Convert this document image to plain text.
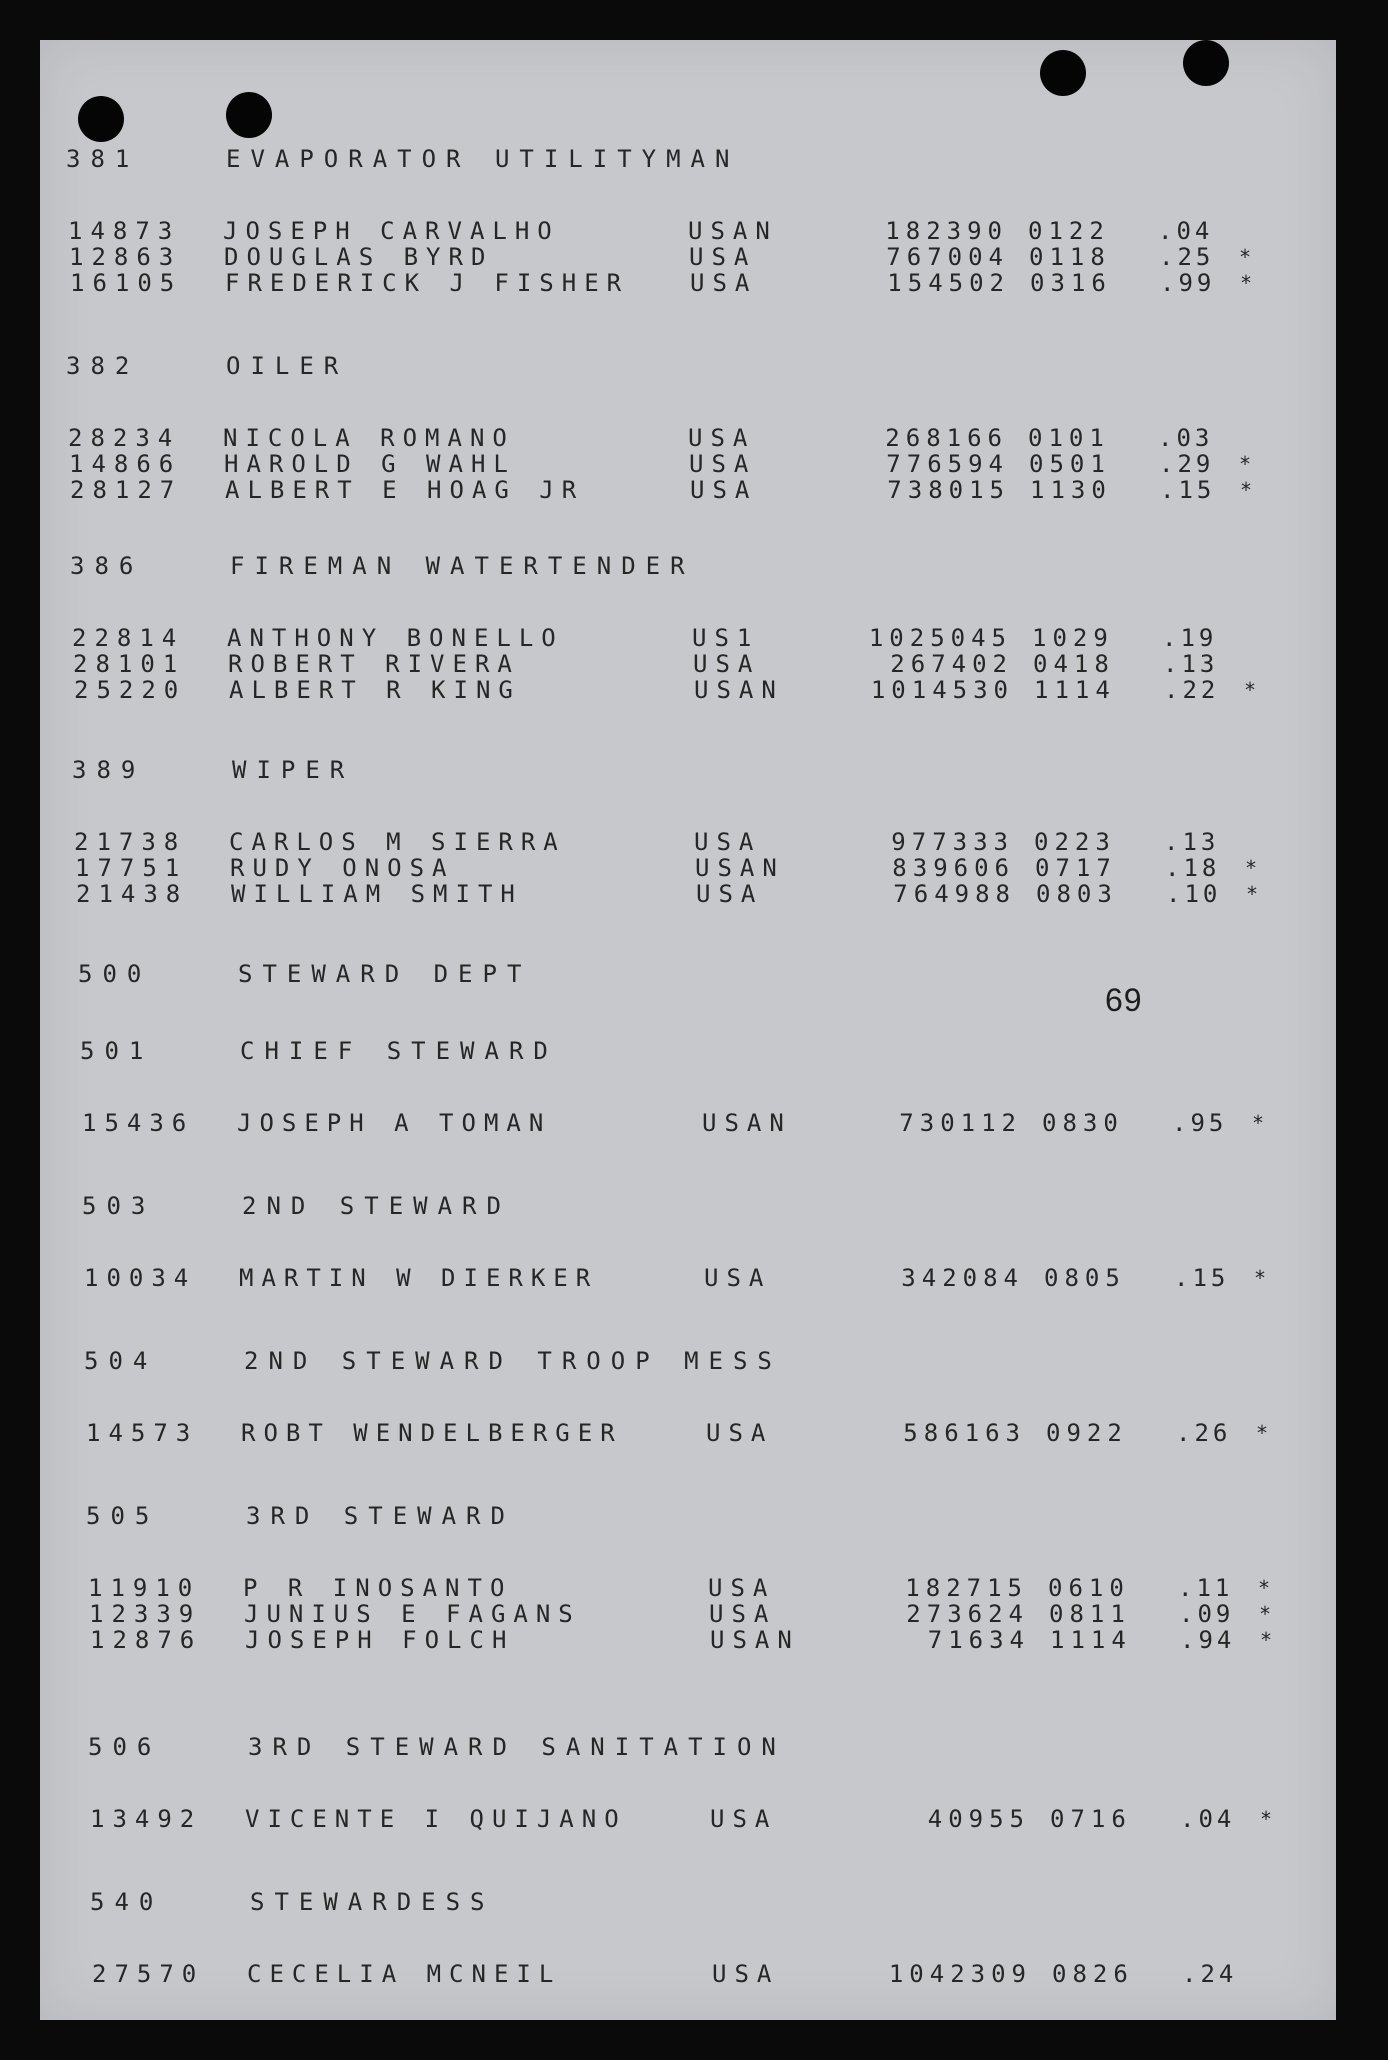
381	EVAPORATOR UTILITYMAN
14873 JOSEPH CARVALHO	USAN	182390 0122 .04
12863 DOUGLAS BYRD	USA	767004 0118 .25 *
16105 FREDERICK J FISHER	USA	154502 0316 .99 *
382	OILER
28234 NICOLA ROMANO	USA	268166 0101 .03
14866 HAROLD G WAHL	USA	776594 0501 .29 *
28127 ALBERT E HOAG JR	USA	738015 1130 .15 *
386	FIREMAN WATERTENDER
22814 ANTHONY BONELLO	US1	1025045 1029 .19
28101 ROBERT RIVERA	USA	267402 0418 .13
25220 ALBERT R KING	USAN	1014530 1114 .22 *
389	WIPER
21738 CARLOS M SIERRA	USA	977333 0223 .13
17751 RUDY ONOSA	USAN	839606 0717 .18 *
21438 WILLIAM SMITH	USA	764988 0803 .10 *
500	STEWARD DEPT
501	CHIEF STEWARD
15436 JOSEPH A TOMAN	USAN	730112 0830 .95 *
503	2ND STEWARD
10034 MARTIN W DIERKER	USA	342084 0805 .15 *
504	2ND STEWARD TROOP MESS
14573 ROBT WENDELBERGER	USA	586163 0922 .26 *
505	3RD STEWARD
11910 P R INOSANTO	USA	182715 0610 .11 *
12339 JUNIUS E FAGANS	USA	273624 0811 .09 *
12876 JOSEPH FOLCH	USAN	71634 1114 .94 *
506	3RD STEWARD SANITATION
13492 VICENTE I QUIJANO	USA	40955 0716 .04 *
540	STEWARDESS
27570 CECELIA MCNEIL	USA	1042309 0826 .24
69
